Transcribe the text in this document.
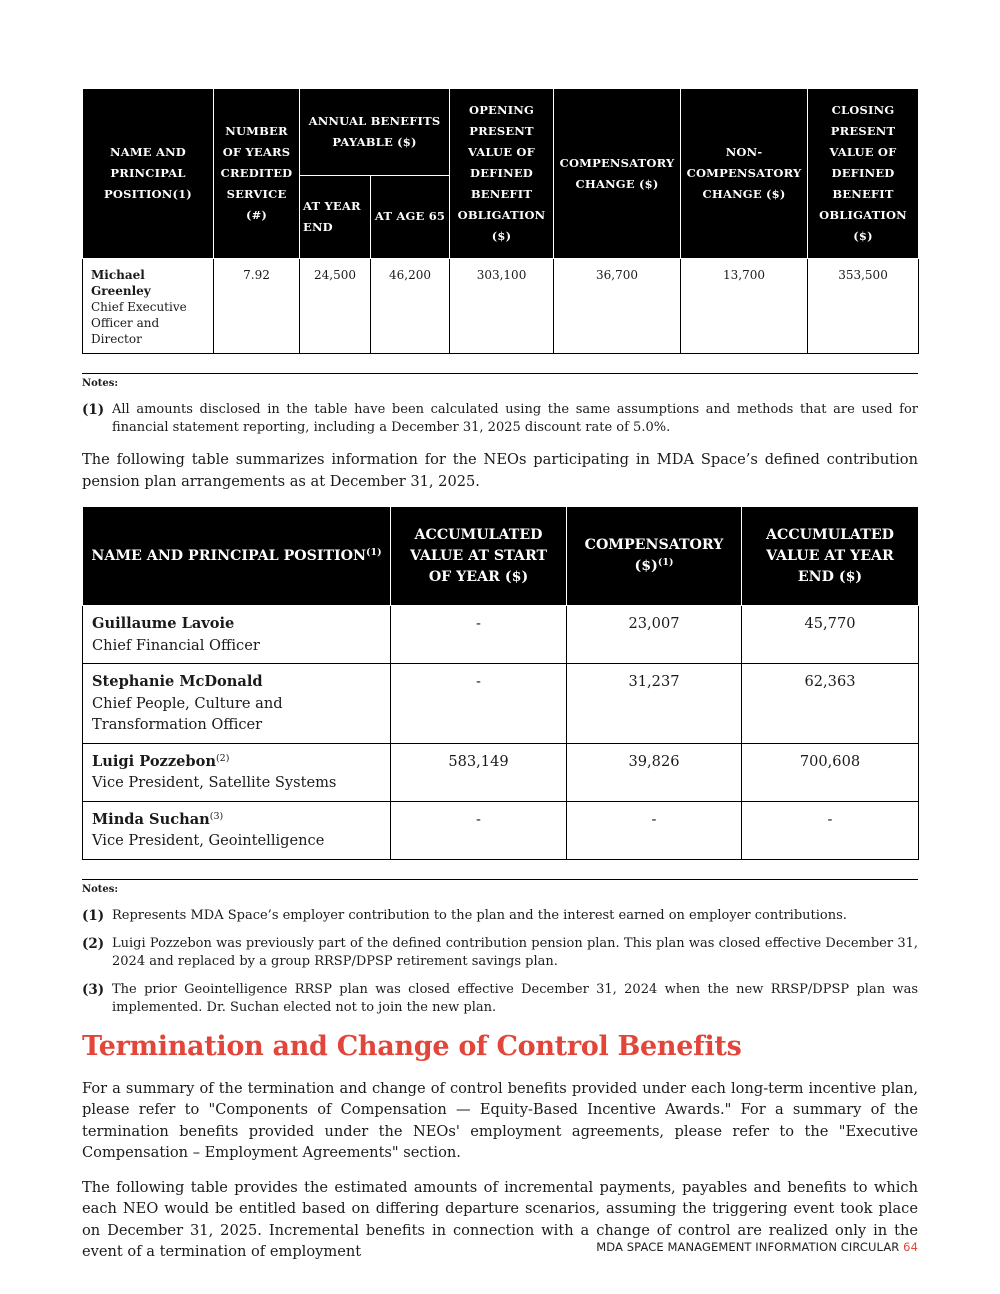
NAME AND PRINCIPAL POSITION(1)	NUMBER OF YEARS CREDITED SERVICE (#)	ANNUAL BENEFITS PAYABLE ($)		OPENING PRESENT VALUE OF DEFINED BENEFIT OBLIGATION ($)	COMPENSATORY CHANGE ($)	NON-COMPENSATORY CHANGE ($)	CLOSING PRESENT VALUE OF DEFINED BENEFIT OBLIGATION ($)
		AT YEAR END	AT AGE 65				
Michael Greenley
Chief Executive Officer and Director	7.92	24,500	46,200	303,100	36,700	13,700	353,500
Notes:
(1) All amounts disclosed in the table have been calculated using the same assumptions and methods that are used for financial statement reporting, including a December 31, 2025 discount rate of 5.0%.

The following table summarizes information for the NEOs participating in MDA Space’s defined contribution pension plan arrangements as at December 31, 2025.

NAME AND PRINCIPAL POSITION$^{(1)}$	ACCUMULATED VALUE AT START OF YEAR ($)	COMPENSATORY ($)$^{(1)}$	ACCUMULATED VALUE AT YEAR END ($)
Guillaume Lavoie
Chief Financial Officer	-	23,007	45,770
Stephanie McDonald
Chief People, Culture and Transformation Officer	-	31,237	62,363
Luigi Pozzebon$^{(2)}$
Vice President, Satellite Systems	583,149	39,826	700,608
Minda Suchan$^{(3)}$
Vice President, Geointelligence	-	-	-
Notes:
(1) Represents MDA Space’s employer contribution to the plan and the interest earned on employer contributions.
(2) Luigi Pozzebon was previously part of the defined contribution pension plan. This plan was closed effective December 31, 2024 and replaced by a group RRSP/DPSP retirement savings plan.
(3) The prior Geointelligence RRSP plan was closed effective December 31, 2024 when the new RRSP/DPSP plan was implemented. Dr. Suchan elected not to join the new plan.
Termination and Change of Control Benefits

For a summary of the termination and change of control benefits provided under each long-term incentive plan, please refer to "Components of Compensation — Equity-Based Incentive Awards." For a summary of the termination benefits provided under the NEOs' employment agreements, please refer to the "Executive Compensation – Employment Agreements" section.

The following table provides the estimated amounts of incremental payments, payables and benefits to which each NEO would be entitled based on differing departure scenarios, assuming the triggering event took place on December 31, 2025. Incremental benefits in connection with a change of control are realized only in the event of a termination of employment	MDA SPACE MANAGEMENT INFORMATION CIRCULAR 64
